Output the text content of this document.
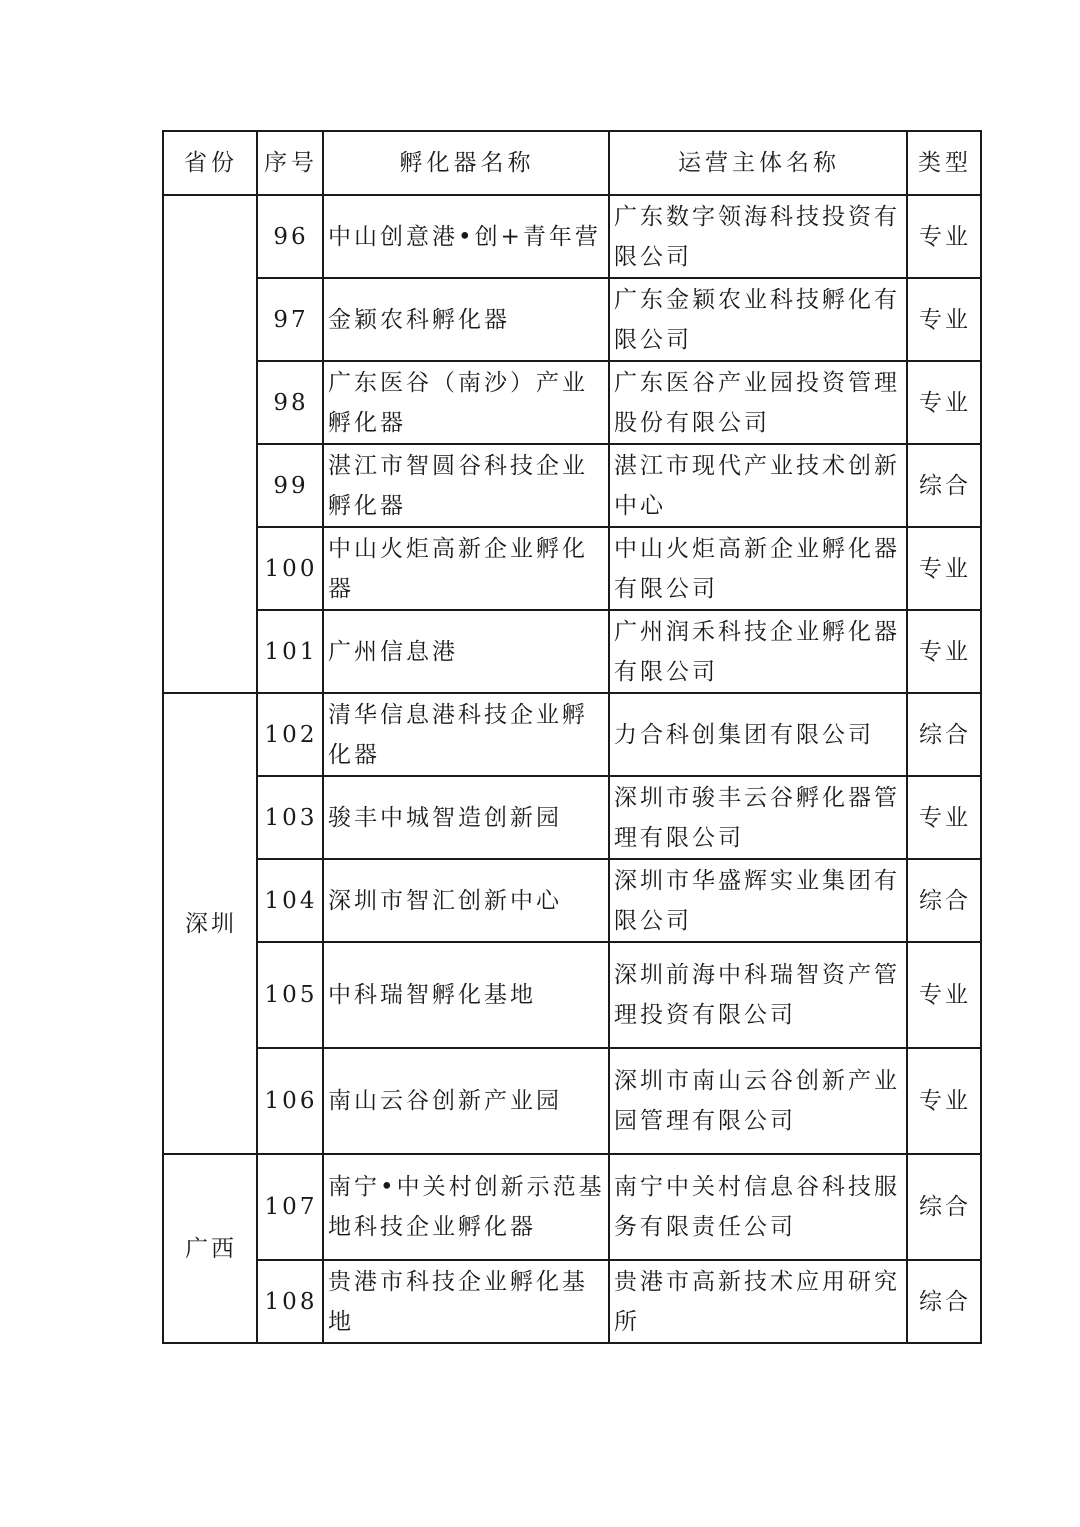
省份	序号	孵化器名称	运营主体名称	类型
	96	中山创意港•创+青年营	广东数字领海科技投资有限公司	专业
	97	金颖农科孵化器	广东金颖农业科技孵化有限公司	专业
	98	广东医谷（南沙）产业孵化器	广东医谷产业园投资管理股份有限公司	专业
	99	湛江市智圆谷科技企业孵化器	湛江市现代产业技术创新中心	综合
	100	中山火炬高新企业孵化器	中山火炬高新企业孵化器有限公司	专业
	101	广州信息港	广州润禾科技企业孵化器有限公司	专业
深圳	102	清华信息港科技企业孵化器	力合科创集团有限公司	综合
	103	骏丰中城智造创新园	深圳市骏丰云谷孵化器管理有限公司	专业
	104	深圳市智汇创新中心	深圳市华盛辉实业集团有限公司	综合
	105	中科瑞智孵化基地	深圳前海中科瑞智资产管理投资有限公司	专业
	106	南山云谷创新产业园	深圳市南山云谷创新产业园管理有限公司	专业
广西	107	南宁•中关村创新示范基地科技企业孵化器	南宁中关村信息谷科技服务有限责任公司	综合
	108	贵港市科技企业孵化基地	贵港市高新技术应用研究所	综合
